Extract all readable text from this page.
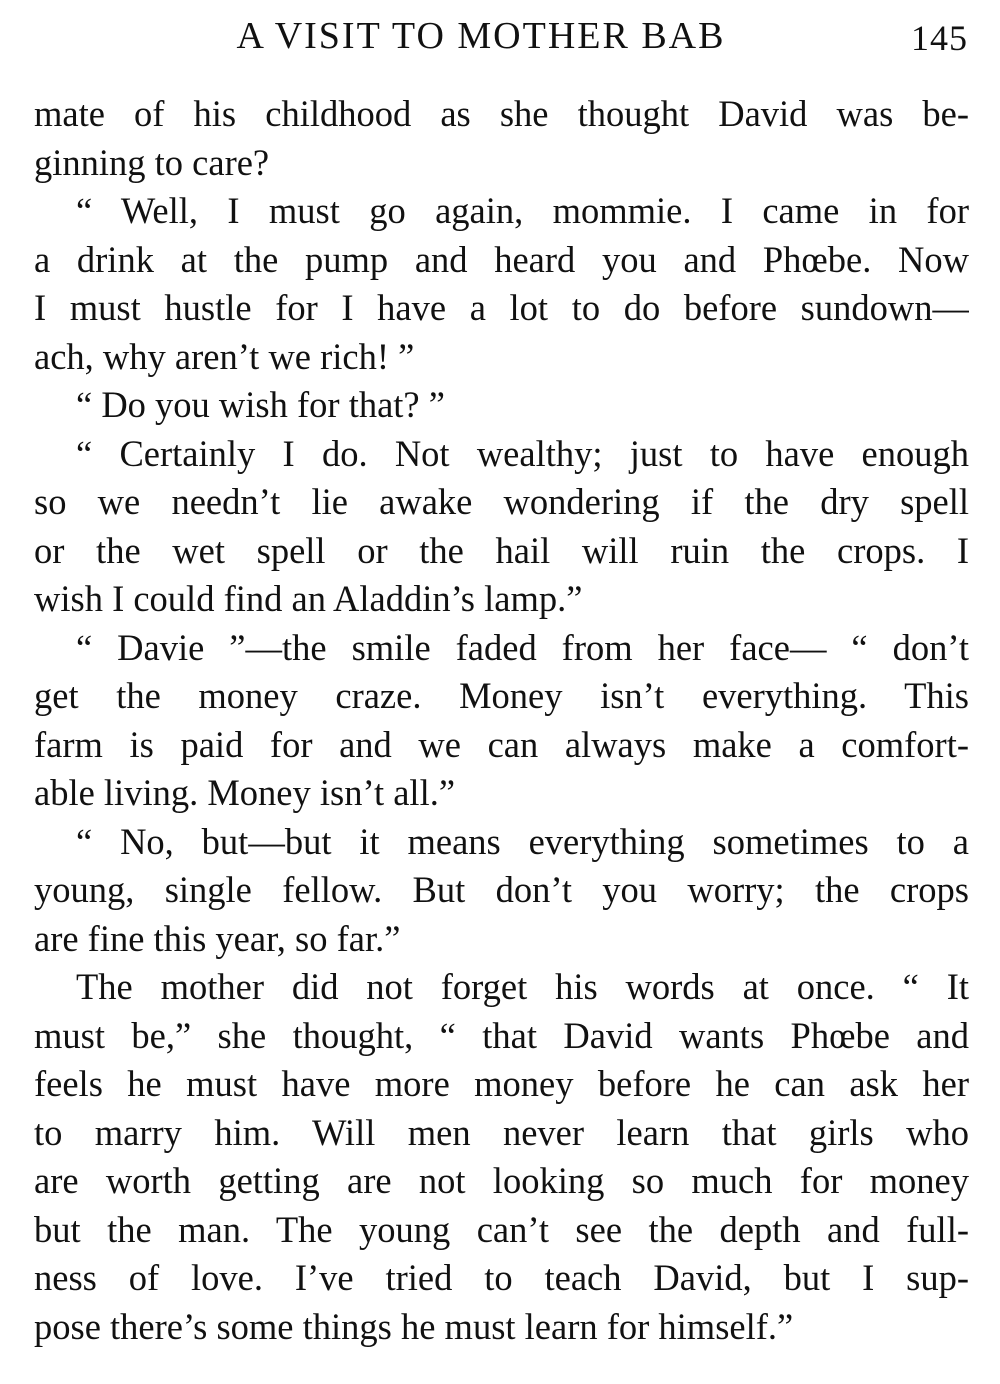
A VISIT TO MOTHER BAB	145
mate of his childhood as she thought David was be-
ginning to care?
“ Well, I must go again, mommie. I came in for
a drink at the pump and heard you and Phœbe. Now
I must hustle for I have a lot to do before sundown—
ach, why aren’t we rich! ”
“ Do you wish for that? ”
“ Certainly I do. Not wealthy; just to have enough
so we needn’t lie awake wondering if the dry spell
or the wet spell or the hail will ruin the crops. I
wish I could find an Aladdin’s lamp.”
“ Davie ”—the smile faded from her face— “ don’t
get the money craze. Money isn’t everything. This
farm is paid for and we can always make a comfort-
able living. Money isn’t all.”
“ No, but—but it means everything sometimes to a
young, single fellow. But don’t you worry; the crops
are fine this year, so far.”
The mother did not forget his words at once. “ It
must be,” she thought, “ that David wants Phœbe and
feels he must have more money before he can ask her
to marry him. Will men never learn that girls who
are worth getting are not looking so much for money
but the man. The young can’t see the depth and full-
ness of love. I’ve tried to teach David, but I sup-
pose there’s some things he must learn for himself.”
